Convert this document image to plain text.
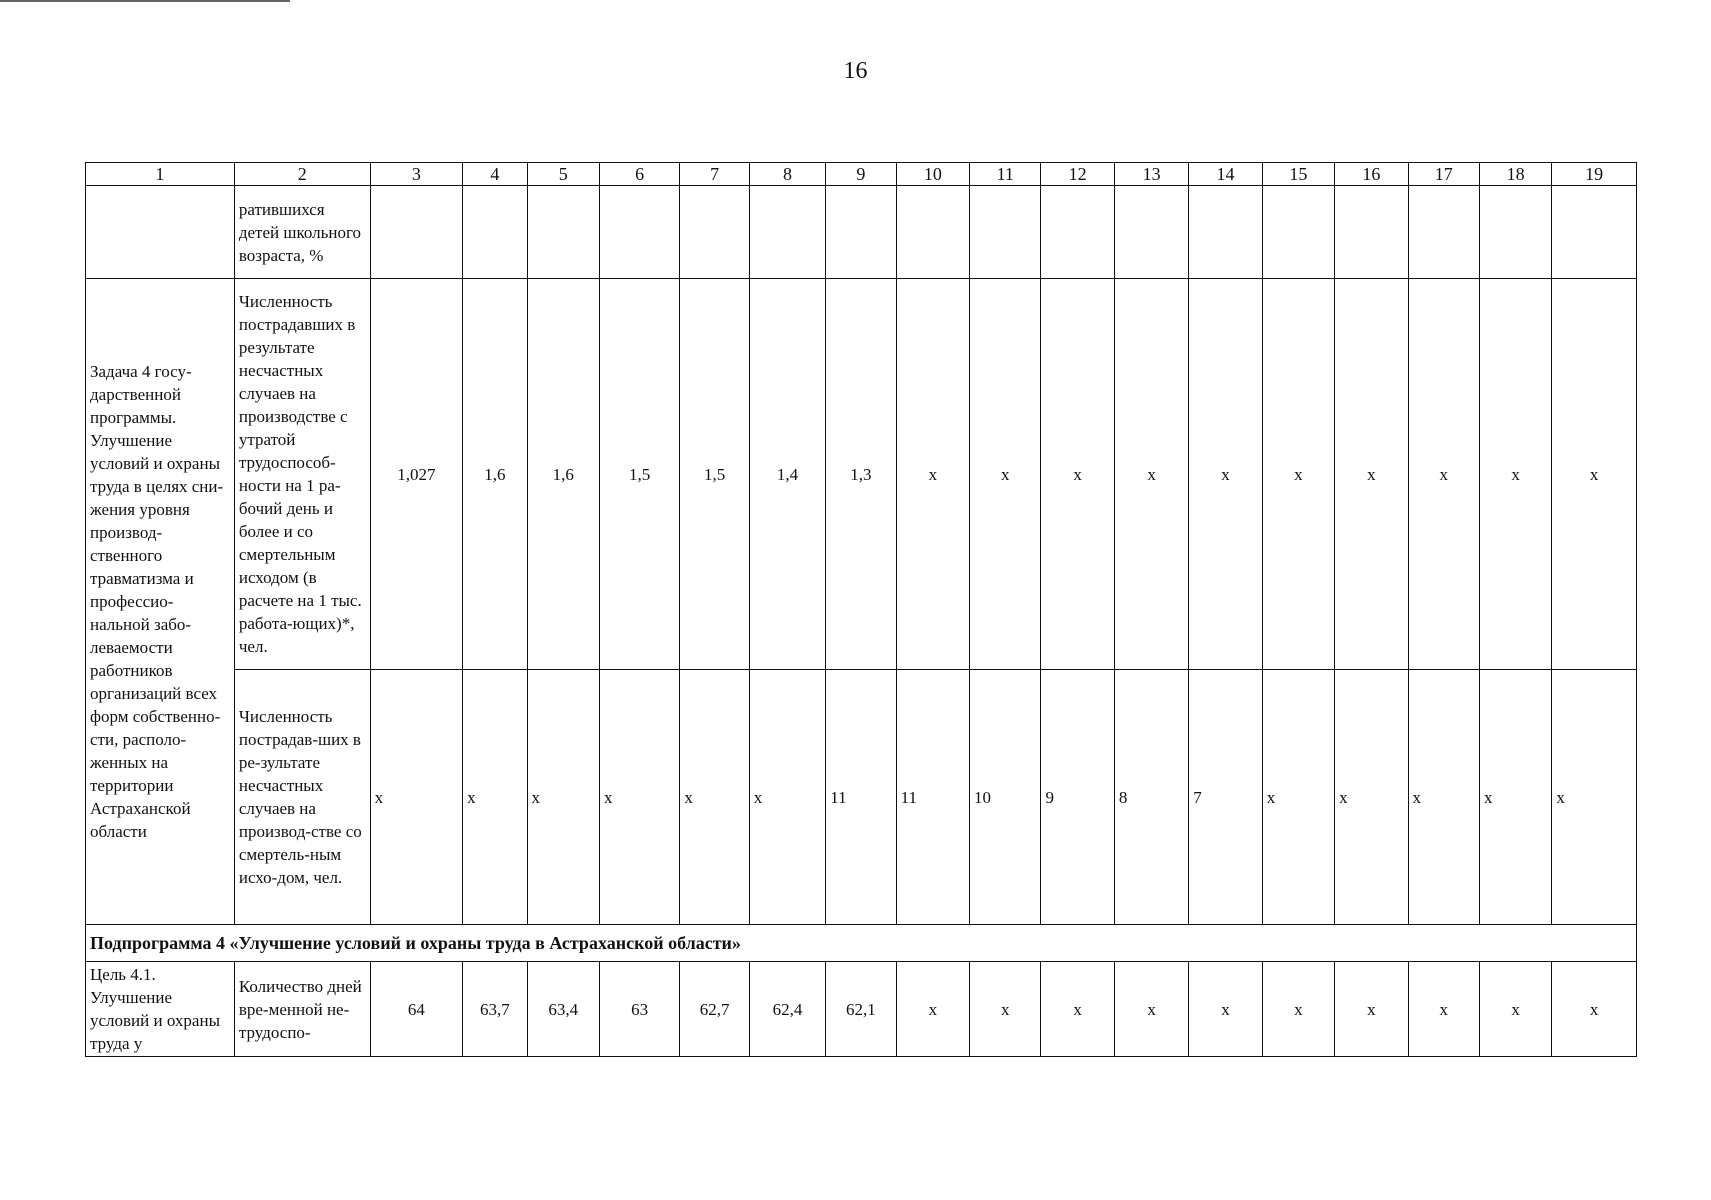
16
1	2	3	4	5	6	7	8	9	10	11	12	13	14	15	16	17	18	19
	ратившихся детей школьного возраста, %																	
Задача 4 госу-дарственной программы. Улучшение условий и охраны труда в целях сни-жения уровня производ-ственного травматизма и профессио-нальной забо-леваемости работников организаций всех форм собственно-сти, располо-женных на территории Астраханской области	Численность пострадавших в результате несчастных случаев на производстве с утратой трудоспособ-ности на 1 ра-бочий день и более и со смертельным исходом (в расчете на 1 тыс. работа-ющих)*, чел.	1,027	1,6	1,6	1,5	1,5	1,4	1,3	x	x	x	x	x	x	x	x	x	x
	Численность пострадав-ших в ре-зультате несчастных случаев на производ-стве со смертель-ным исхо-дом, чел.	x	x	x	x	x	x	11	11	10	9	8	7	x	x	x	x	x
Подпрограмма 4 «Улучшение условий и охраны труда в Астраханской области»																		
Цель 4.1. Улучшение условий и охраны труда у	Количество дней вре-менной не-трудоспо-	64	63,7	63,4	63	62,7	62,4	62,1	x	x	x	x	x	x	x	x	x	x
